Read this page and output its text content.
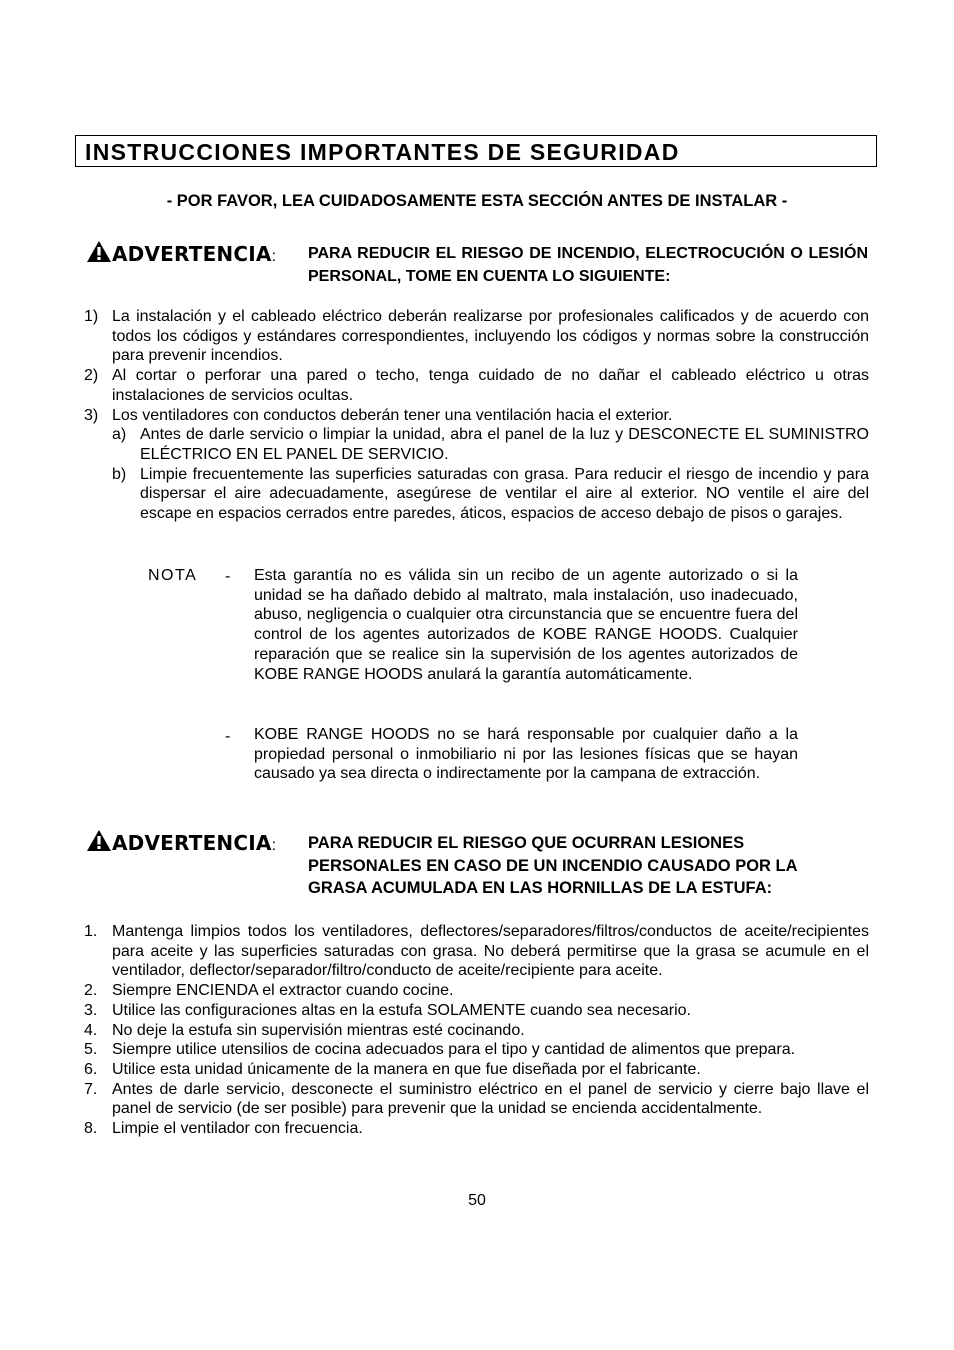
INSTRUCCIONES IMPORTANTES DE SEGURIDAD
- POR FAVOR, LEA CUIDADOSAMENTE ESTA SECCIÓN ANTES DE INSTALAR -
ADVERTENCIA: PARA REDUCIR EL RIESGO DE INCENDIO, ELECTROCUCIÓN O LESIÓN PERSONAL, TOME EN CUENTA LO SIGUIENTE:
1) La instalación y el cableado eléctrico deberán realizarse por profesionales calificados y de acuerdo con todos los códigos y estándares correspondientes, incluyendo los códigos y normas sobre la construcción para prevenir incendios.
2) Al cortar o perforar una pared o techo, tenga cuidado de no dañar el cableado eléctrico u otras instalaciones de servicios ocultas.
3) Los ventiladores con conductos deberán tener una ventilación hacia el exterior.
a) Antes de darle servicio o limpiar la unidad, abra el panel de la luz y DESCONECTE EL SUMINISTRO ELÉCTRICO EN EL PANEL DE SERVICIO.
b) Limpie frecuentemente las superficies saturadas con grasa. Para reducir el riesgo de incendio y para dispersar el aire adecuadamente, asegúrese de ventilar el aire al exterior. NO ventile el aire del escape en espacios cerrados entre paredes, áticos, espacios de acceso debajo de pisos o garajes.
NOTA - Esta garantía no es válida sin un recibo de un agente autorizado o si la unidad se ha dañado debido al maltrato, mala instalación, uso inadecuado, abuso, negligencia o cualquier otra circunstancia que se encuentre fuera del control de los agentes autorizados de KOBE RANGE HOODS. Cualquier reparación que se realice sin la supervisión de los agentes autorizados de KOBE RANGE HOODS anulará la garantía automáticamente.
- KOBE RANGE HOODS no se hará responsable por cualquier daño a la propiedad personal o inmobiliario ni por las lesiones físicas que se hayan causado ya sea directa o indirectamente por la campana de extracción.
ADVERTENCIA: PARA REDUCIR EL RIESGO QUE OCURRAN LESIONES
PERSONALES EN CASO DE UN INCENDIO CAUSADO POR LA
GRASA ACUMULADA EN LAS HORNILLAS DE LA ESTUFA:
1. Mantenga limpios todos los ventiladores, deflectores/separadores/filtros/conductos de aceite/recipientes para aceite y las superficies saturadas con grasa. No deberá permitirse que la grasa se acumule en el ventilador, deflector/separador/filtro/conducto de aceite/recipiente para aceite.
2. Siempre ENCIENDA el extractor cuando cocine.
3. Utilice las configuraciones altas en la estufa SOLAMENTE cuando sea necesario.
4. No deje la estufa sin supervisión mientras esté cocinando.
5. Siempre utilice utensilios de cocina adecuados para el tipo y cantidad de alimentos que prepara.
6. Utilice esta unidad únicamente de la manera en que fue diseñada por el fabricante.
7. Antes de darle servicio, desconecte el suministro eléctrico en el panel de servicio y cierre bajo llave el panel de servicio (de ser posible) para prevenir que la unidad se encienda accidentalmente.
8. Limpie el ventilador con frecuencia.
50
